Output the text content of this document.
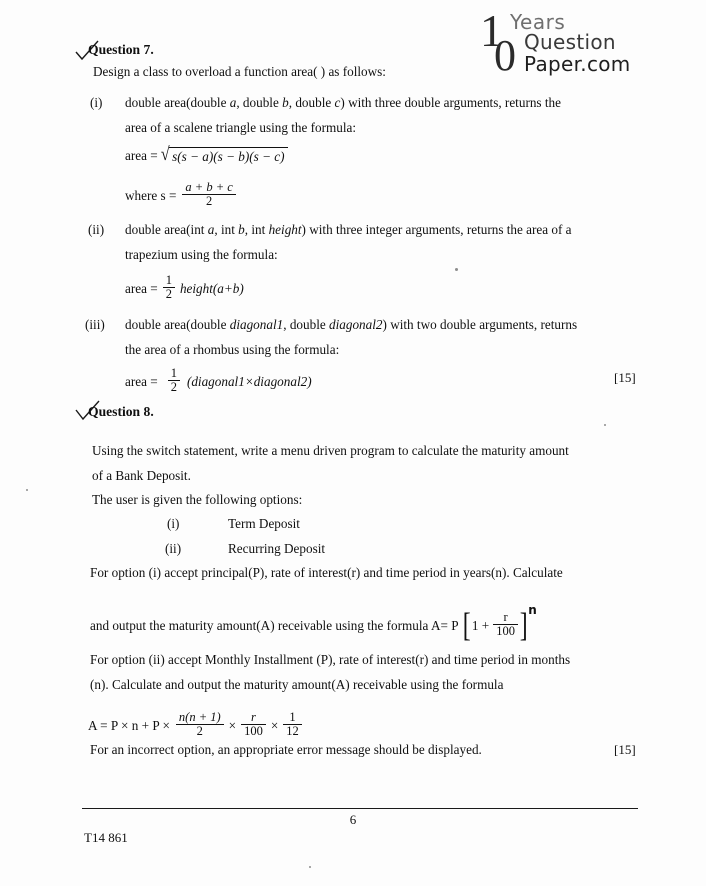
1
0
Years
Question
Paper.com
Question 7.
Design a class to overload a function area( ) as follows:
(i) double area(double a, double b, double c) with three double arguments, returns the
area of a scalene triangle using the formula:
area = √ s(s − a)(s − b)(s − c)
where $s = \frac{a + b + c}{2}$
(ii) double area(int a, int b, int height) with three integer arguments, returns the area of a
trapezium using the formula:
area = $\frac{1}{2}$ height(a+b)
(iii) double area(double diagonal1, double diagonal2) with two double arguments, returns
the area of a rhombus using the formula:
area = $\frac{1}{2}$ (diagonal1×diagonal2)	[15]
Question 8.
Using the switch statement, write a menu driven program to calculate the maturity amount
of a Bank Deposit.
The user is given the following options:
(i)	Term Deposit
(ii)	Recurring Deposit
For option (i) accept principal(P), rate of interest(r) and time period in years(n). Calculate
and output the maturity amount(A) receivable using the formula A= P [ $1 + \frac{r}{100}$ ] n
For option (ii) accept Monthly Installment (P), rate of interest(r) and time period in months
(n). Calculate and output the maturity amount(A) receivable using the formula
$A = P \times n + P \times \frac{n(n + 1)}{2} \times \frac{r}{100} \times \frac{1}{12}$
For an incorrect option, an appropriate error message should be displayed.	[15]
6
T14 861
